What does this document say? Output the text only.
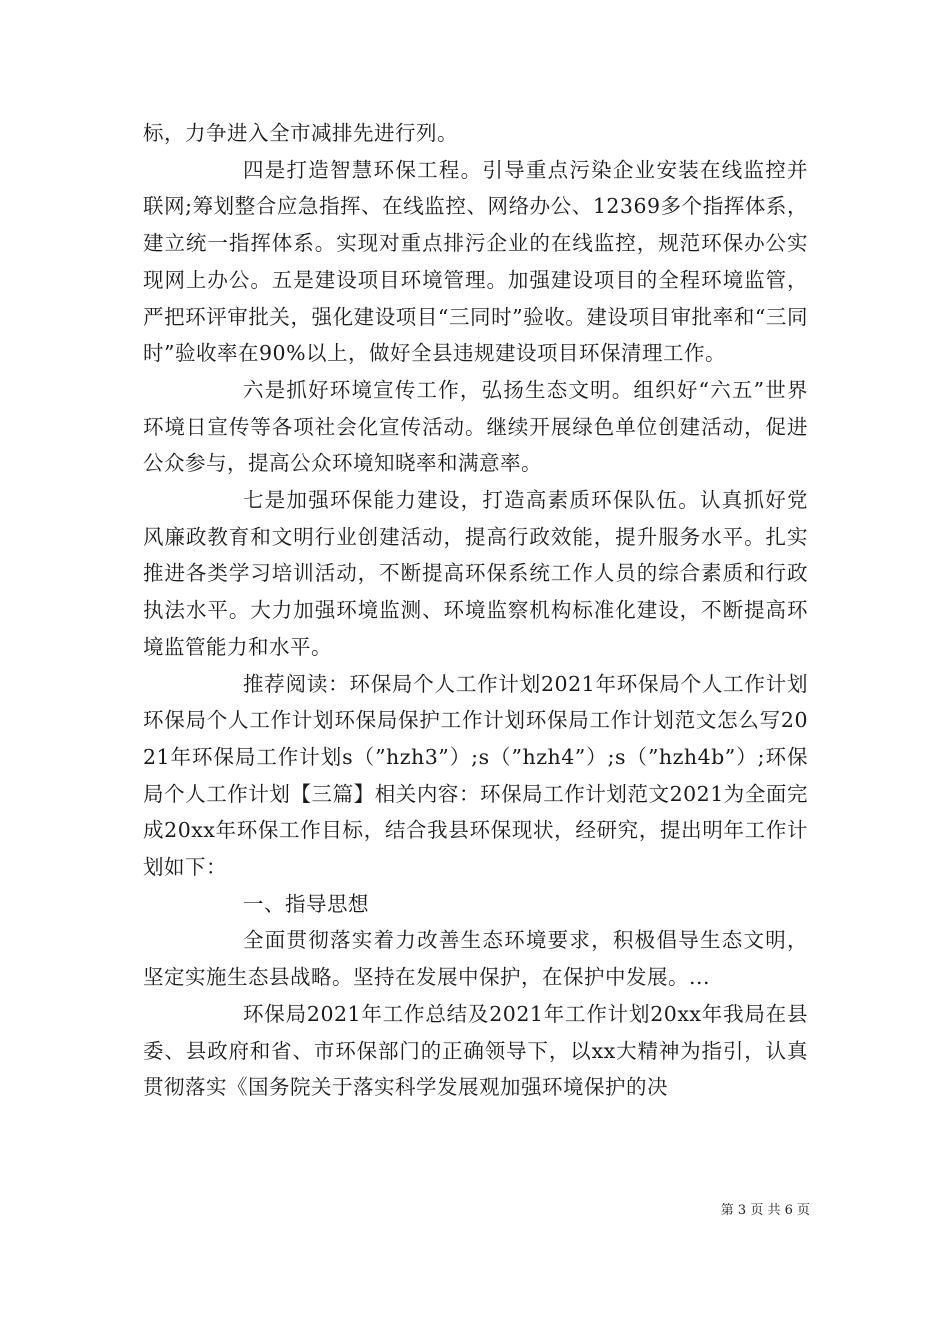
标，力争进入全市减排先进行列。

四是打造智慧环保工程。引导重点污染企业安装在线监控并联网;筹划整合应急指挥、在线监控、网络办公、12369多个指挥体系，建立统一指挥体系。实现对重点排污企业的在线监控，规范环保办公实现网上办公。五是建设项目环境管理。加强建设项目的全程环境监管，严把环评审批关，强化建设项目“三同时”验收。建设项目审批率和“三同时”验收率在90%以上，做好全县违规建设项目环保清理工作。

六是抓好环境宣传工作，弘扬生态文明。组织好“六五”世界环境日宣传等各项社会化宣传活动。继续开展绿色单位创建活动，促进公众参与，提高公众环境知晓率和满意率。

七是加强环保能力建设，打造高素质环保队伍。认真抓好党风廉政教育和文明行业创建活动，提高行政效能，提升服务水平。扎实推进各类学习培训活动，不断提高环保系统工作人员的综合素质和行政执法水平。大力加强环境监测、环境监察机构标准化建设，不断提高环境监管能力和水平。

推荐阅读：环保局个人工作计划2021年环保局个人工作计划环保局个人工作计划环保局保护工作计划环保局工作计划范文怎么写2021年环保局工作计划s（”hzh3”）;s（”hzh4”）;s（”hzh4b”）;环保局个人工作计划【三篇】相关内容：环保局工作计划范文2021为全面完成20xx年环保工作目标，结合我县环保现状，经研究，提出明年工作计划如下：

一、指导思想

全面贯彻落实着力改善生态环境要求，积极倡导生态文明，坚定实施生态县战略。坚持在发展中保护，在保护中发展。...

环保局2021年工作总结及2021年工作计划20xx年我局在县委、县政府和省、市环保部门的正确领导下，以xx大精神为指引，认真贯彻落实《国务院关于落实科学发展观加强环境保护的决

第 3 页 共 6 页
